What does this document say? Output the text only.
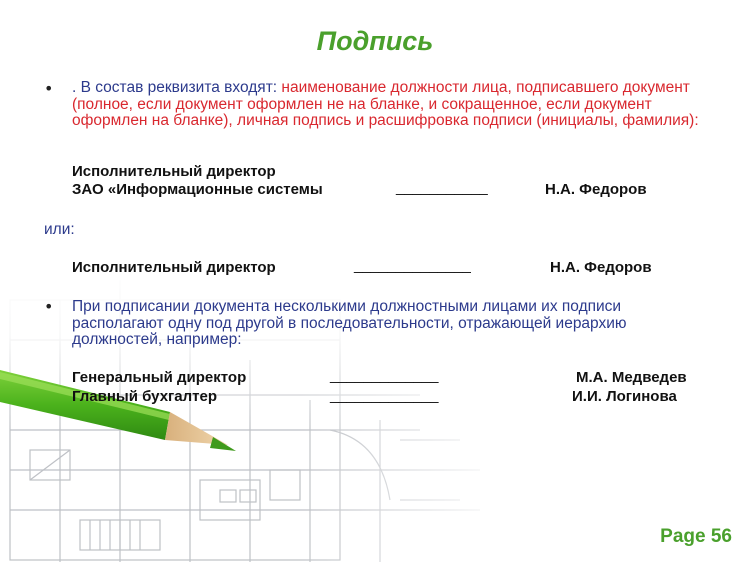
Подпись
• . В состав реквизита входят: наименование должности лица, подписавшего документ (полное, если документ оформлен не на бланке, и сокращенное, если документ оформлен на бланке), личная подпись и расшифровка подписи (инициалы, фамилия):
Исполнительный директор
ЗАО «Информационные системы	___________	Н.А. Федоров
или:
Исполнительный директор	______________	Н.А. Федоров
• При подписании документа несколькими должностными лицами их подписи располагают одну под другой в последовательности, отражающей иерархию должностей, например:
Генеральный директор	_____________	М.А. Медведев
Главный бухгалтер	_____________	И.И. Логинова
Page 56
